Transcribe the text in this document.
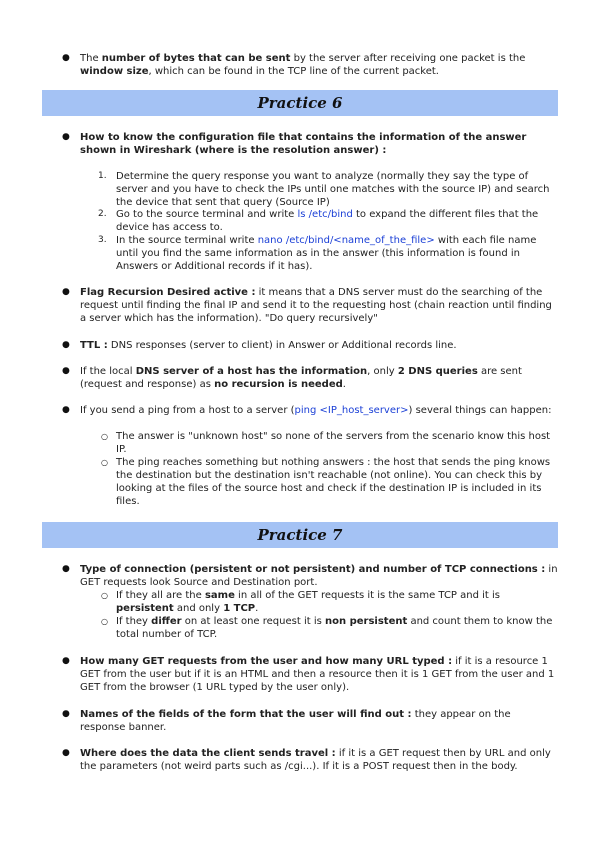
● The number of bytes that can be sent by the server after receiving one packet is the window size, which can be found in the TCP line of the current packet.
Practice 6
● How to know the configuration file that contains the information of the answer shown in Wireshark (where is the resolution answer) :
1. Determine the query response you want to analyze (normally they say the type of server and you have to check the IPs until one matches with the source IP) and search the device that sent that query (Source IP)
2. Go to the source terminal and write ls /etc/bind to expand the different files that the device has access to.
3. In the source terminal write nano /etc/bind/<name_of_the_file> with each file name until you find the same information as in the answer (this information is found in Answers or Additional records if it has).
● Flag Recursion Desired active : it means that a DNS server must do the searching of the request until finding the final IP and send it to the requesting host (chain reaction until finding a server which has the information). "Do query recursively"
● TTL : DNS responses (server to client) in Answer or Additional records line.
● If the local DNS server of a host has the information, only 2 DNS queries are sent (request and response) as no recursion is needed.
● If you send a ping from a host to a server (ping <IP_host_server>) several things can happen:
○ The answer is "unknown host" so none of the servers from the scenario know this host IP.
○ The ping reaches something but nothing answers : the host that sends the ping knows the destination but the destination isn't reachable (not online). You can check this by looking at the files of the source host and check if the destination IP is included in its files.
Practice 7
● Type of connection (persistent or not persistent) and number of TCP connections : in GET requests look Source and Destination port.
○ If they all are the same in all of the GET requests it is the same TCP and it is persistent and only 1 TCP.
○ If they differ on at least one request it is non persistent and count them to know the total number of TCP.
● How many GET requests from the user and how many URL typed : if it is a resource 1 GET from the user but if it is an HTML and then a resource then it is 1 GET from the user and 1 GET from the browser (1 URL typed by the user only).
● Names of the fields of the form that the user will find out : they appear on the response banner.
● Where does the data the client sends travel : if it is a GET request then by URL and only the parameters (not weird parts such as /cgi...). If it is a POST request then in the body.
